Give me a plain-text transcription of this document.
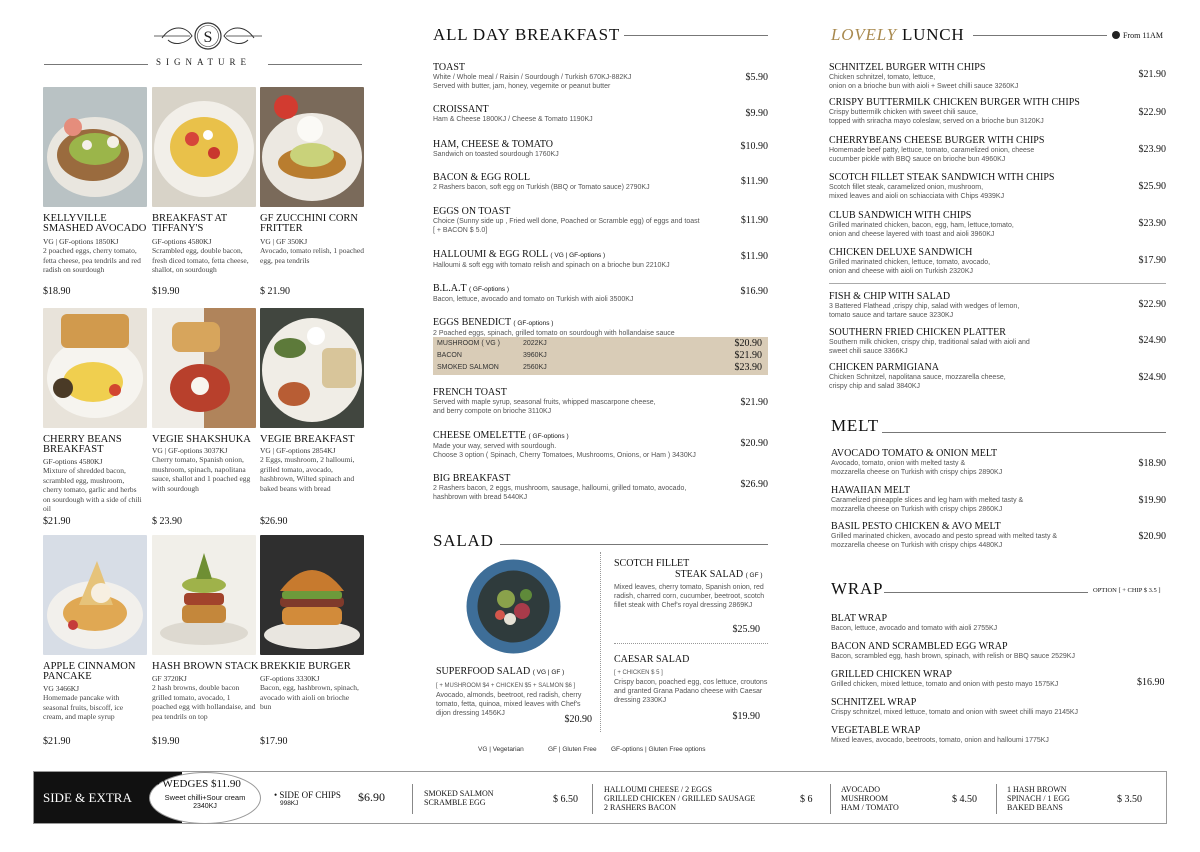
S
SIGNATURE
KELLYVILLE SMASHED AVOCADO
VG | GF-options 1850KJ
2 poached eggs, cherry tomato, fetta cheese, pea tendrils and red radish on sourdough
$18.90
BREAKFAST AT TIFFANY'S
GF-options 4580KJ
Scrambled egg, double bacon, fresh diced tomato, fetta cheese, shallot, on sourdough
$19.90
GF ZUCCHINI CORN FRITTER
VG | GF 350KJ
Avocado, tomato relish, 1 poached egg, pea tendrils
$ 21.90
CHERRY BEANS BREAKFAST
GF-options 4580KJ
Mixture of shredded bacon, scrambled egg, mushroom, cherry tomato, garlic and herbs on sourdough with a side of chili oil
$21.90
VEGIE SHAKSHUKA
VG | GF-options 3037KJ
Cherry tomato, Spanish onion, mushroom, spinach, napolitana sauce, shallot and 1 poached egg with sourdough
$ 23.90
VEGIE BREAKFAST
VG | GF-options 2854KJ
2 Eggs, mushroom, 2 halloumi, grilled tomato, avocado, hashbrown, Wilted spinach and baked beans with bread
$26.90
APPLE CINNAMON PANCAKE
VG 3466KJ
Homemade pancake with seasonal fruits, biscoff, ice cream, and maple syrup
$21.90
HASH BROWN STACK
GF 3720KJ
2 hash browns, double bacon grilled tomato, avocado, 1 poached egg with hollandaise, and pea tendrils on top
$19.90
BREKKIE BURGER
GF-options 3330KJ
Bacon, egg, hashbrown, spinach, avocado with aioli on brioche bun
$17.90
ALL DAY BREAKFAST
TOAST
White / Whole meal / Raisin / Sourdough / Turkish 670KJ-882KJ
Served with butter, jam, honey, vegemite or peanut butter
$5.90
CROISSANT
Ham & Cheese 1800KJ / Cheese & Tomato 1190KJ
$9.90
HAM, CHEESE & TOMATO
Sandwich on toasted sourdough 1760KJ
$10.90
BACON & EGG ROLL
2 Rashers bacon, soft egg on Turkish (BBQ or Tomato sauce) 2790KJ
$11.90
EGGS ON TOAST
Choice (Sunny side up , Fried well done, Poached or Scramble egg) of eggs and toast
[ + BACON $ 5.0]
$11.90
HALLOUMI & EGG ROLL ( VG | GF-options )
Halloumi & soft egg with tomato relish and spinach on a brioche bun 2210KJ
$11.90
B.L.A.T ( GF-options )
Bacon, lettuce, avocado and tomato on Turkish with aioli 3500KJ
$16.90
EGGS BENEDICT ( GF-options )
2 Poached eggs, spinach, grilled tomato on sourdough with hollandaise sauce
MUSHROOM ( VG )	2022KJ	$20.90
BACON	3960KJ	$21.90
SMOKED SALMON	2560KJ	$23.90
FRENCH TOAST
Served with maple syrup, seasonal fruits, whipped mascarpone cheese,
and berry compote on brioche 3110KJ
$21.90
CHEESE OMELETTE ( GF-options )
Made your way, served with sourdough.
Choose 3 option ( Spinach, Cherry Tomatoes, Mushrooms, Onions, or Ham ) 3430KJ
$20.90
BIG BREAKFAST
2 Rashers bacon, 2 eggs, mushroom, sausage, halloumi, grilled tomato, avocado,
hashbrown with bread 5440KJ
$26.90
SALAD
SUPERFOOD SALAD ( VG | GF )
[ + MUSHROOM $4 + CHICKEN $5 + SALMON $6 ]
Avocado, almonds, beetroot, red radish, cherry tomato, fetta, quinoa, mixed leaves with Chef's dijon dressing 1456KJ
$20.90
SCOTCH FILLET
STEAK SALAD ( GF )
Mixed leaves, cherry tomato, Spanish onion, red radish, charred corn, cucumber, beetroot, scotch fillet steak with Chef's royal dressing 2869KJ
$25.90
CAESAR SALAD
[ + CHICKEN $ 5 ]
Crispy bacon, poached egg, cos lettuce, croutons and granted Grana Padano cheese with Caesar dressing 2330KJ
$19.90
VG | Vegetarian	GF | Gluten Free GF-options | Gluten Free options
LOVELY LUNCH	From 11AM
SCHNITZEL BURGER WITH CHIPS
Chicken schnitzel, tomato, lettuce,
onion on a brioche bun with aioli + Sweet chilli sauce 3260KJ
$21.90
CRISPY BUTTERMILK CHICKEN BURGER WITH CHIPS
Crispy buttermilk chicken with sweet chili sauce,
topped with sriracha mayo coleslaw, served on a brioche bun 3120KJ
$22.90
CHERRYBEANS CHEESE BURGER WITH CHIPS
Homemade beef patty, lettuce, tomato, caramelized onion, cheese
cucumber pickle with BBQ sauce on brioche bun 4960KJ
$23.90
SCOTCH FILLET STEAK SANDWICH WITH CHIPS
Scotch fillet steak, caramelized onion, mushroom,
mixed leaves and aioli on schiacciata with Chips 4939KJ
$25.90
CLUB SANDWICH WITH CHIPS
Grilled marinated chicken, bacon, egg, ham, lettuce,tomato,
onion and cheese layered with toast and aioli 3960KJ
$23.90
CHICKEN DELUXE SANDWICH
Grilled marinated chicken, lettuce, tomato, avocado,
onion and cheese with aioli on Turkish 2320KJ
$17.90
FISH & CHIP WITH SALAD
3 Battered Flathead ,crispy chip, salad with wedges of lemon,
tomato sauce and tartare sauce 3230KJ
$22.90
SOUTHERN FRIED CHICKEN PLATTER
Southern milk chicken, crispy chip, traditional salad with aioli and
sweet chili sauce 3366KJ
$24.90
CHICKEN PARMIGIANA
Chicken Schnitzel, napolitana sauce, mozzarella cheese,
crispy chip and salad 3840KJ
$24.90
MELT
AVOCADO TOMATO & ONION MELT
Avocado, tomato, onion with melted tasty &
mozzarella cheese on Turkish with crispy chips 2890KJ
$18.90
HAWAIIAN MELT
Caramelized pineapple slices and leg ham with melted tasty &
mozzarella cheese on Turkish with crispy chips 2860KJ
$19.90
BASIL PESTO CHICKEN & AVO MELT
Grilled marinated chicken, avocado and pesto spread with melted tasty &
mozzarella cheese on Turkish with crispy chips 4480KJ
$20.90
WRAP	OPTION [ + CHIP $ 3.5 ]
BLAT WRAP
Bacon, lettuce, avocado and tomato with aioli 2755KJ
BACON AND SCRAMBLED EGG WRAP
Bacon, scrambled egg, hash brown, spinach, with relish or BBQ sauce 2529KJ
GRILLED CHICKEN WRAP
Grilled chicken, mixed lettuce, tomato and onion with pesto mayo 1575KJ
SCHNITZEL WRAP
Crispy schnitzel, mixed lettuce, tomato and onion with sweet chilli mayo 2145KJ
VEGETABLE WRAP
Mixed leaves, avocado, beetroots, tomato, onion and halloumi 1775KJ
$16.90
SIDE & EXTRA
• WEDGES $11.90
Sweet chilli+Sour cream
2340KJ
• SIDE OF CHIPS
998KJ	$6.90	SMOKED SALMON
SCRAMBLE EGG	$ 6.50
HALLOUMI CHEESE / 2 EGGS
GRILLED CHICKEN / GRILLED SAUSAGE
2 RASHERS BACON
$ 6
AVOCADO
MUSHROOM
HAM / TOMATO
$ 4.50
1 HASH BROWN
SPINACH / 1 EGG
BAKED BEANS
$ 3.50
